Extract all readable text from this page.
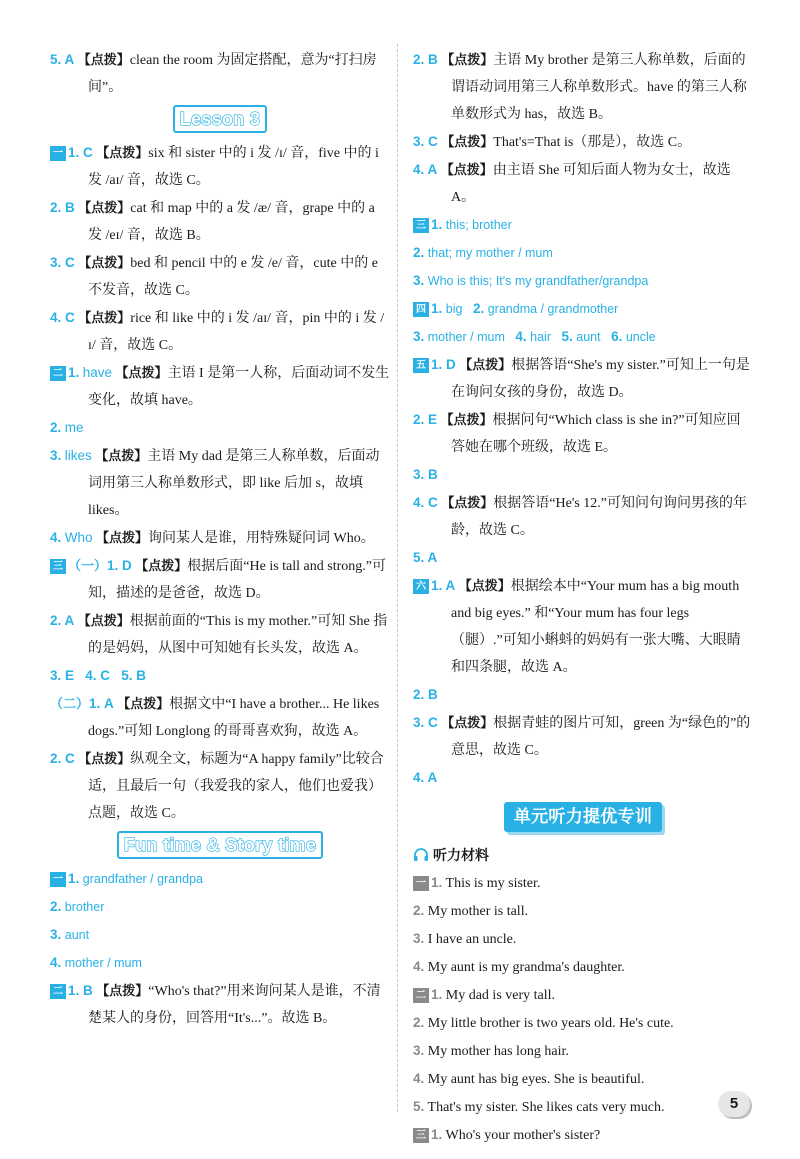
5. A 【点拨】clean the room 为固定搭配，意为“打扫房间”。
Lesson 3
一 1. C 【点拨】six 和 sister 中的 i 发 /ɪ/ 音，five 中的 i 发 /aɪ/ 音，故选 C。
2. B 【点拨】cat 和 map 中的 a 发 /æ/ 音，grape 中的 a 发 /eɪ/ 音，故选 B。
3. C 【点拨】bed 和 pencil 中的 e 发 /e/ 音，cute 中的 e 不发音，故选 C。
4. C 【点拨】rice 和 like 中的 i 发 /aɪ/ 音，pin 中的 i 发 /ɪ/ 音，故选 C。
二 1. have 【点拨】主语 I 是第一人称，后面动词不发生变化，故填 have。
2. me
3. likes 【点拨】主语 My dad 是第三人称单数，后面动词用第三人称单数形式，即 like 后加 s，故填 likes。
4. Who 【点拨】询问某人是谁，用特殊疑问词 Who。
三 （一）1. D 【点拨】根据后面“He is tall and strong.”可知，描述的是爸爸，故选 D。
2. A 【点拨】根据前面的“This is my mother.”可知 She 指的是妈妈，从图中可知她有长头发，故选 A。
3. E   4. C   5. B
（二）1. A 【点拨】根据文中“I have a brother... He likes dogs.”可知 Longlong 的哥哥喜欢狗，故选 A。
2. C 【点拨】纵观全文，标题为“A happy family”比较合适，且最后一句（我爱我的家人，他们也爱我）点题，故选 C。
Fun time & Story time
一 1. grandfather / grandpa
2. brother
3. aunt
4. mother / mum
二 1. B 【点拨】“Who's that?”用来询问某人是谁，不清楚某人的身份，回答用“It's...”。故选 B。
2. B 【点拨】主语 My brother 是第三人称单数，后面的谓语动词用第三人称单数形式。have 的第三人称单数形式为 has，故选 B。
3. C 【点拨】That's=That is（那是），故选 C。
4. A 【点拨】由主语 She 可知后面人物为女士，故选 A。
三 1. this; brother
2. that; my mother / mum
3. Who is this; It's my grandfather/grandpa
四 1. big 2. grandma / grandmother
3. mother / mum 4. hair 5. aunt 6. uncle
五 1. D 【点拨】根据答语“She's my sister.”可知上一句是在询问女孩的身份，故选 D。
2. E 【点拨】根据问句“Which class is she in?”可知应回答她在哪个班级，故选 E。
3. B
4. C 【点拨】根据答语“He's 12.”可知问句询问男孩的年龄，故选 C。
5. A
六 1. A 【点拨】根据绘本中“Your mum has a big mouth and big eyes.” 和“Your mum has four legs（腿）.”可知小蝌蚪的妈妈有一张大嘴、大眼睛和四条腿，故选 A。
2. B
3. C 【点拨】根据青蛙的图片可知，green 为“绿色的”的意思，故选 C。
4. A
单元听力提优专训
听力材料
一 1. This is my sister.
2. My mother is tall.
3. I have an uncle.
4. My aunt is my grandma's daughter.
二 1. My dad is very tall.
2. My little brother is two years old. He's cute.
3. My mother has long hair.
4. My aunt has big eyes. She is beautiful.
5. That's my sister. She likes cats very much.
三 1. Who's your mother's sister?
5
